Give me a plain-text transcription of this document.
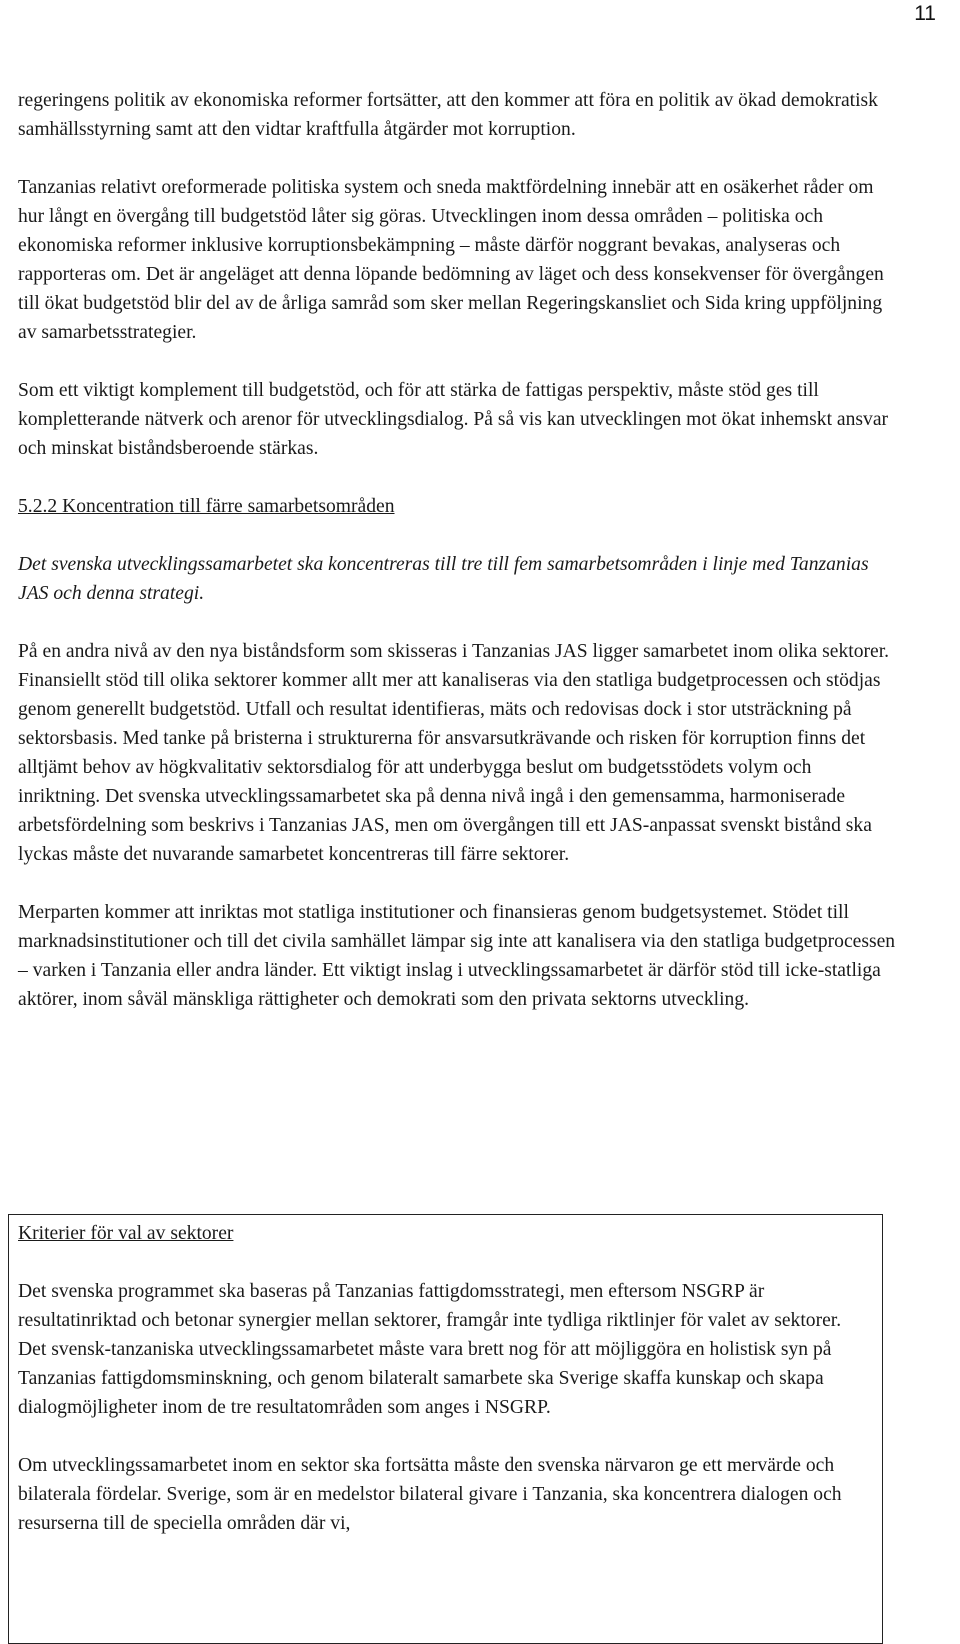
11

regeringens politik av ekonomiska reformer fortsätter, att den kommer att föra en politik av ökad demokratisk samhällsstyrning samt att den vidtar kraftfulla åtgärder mot korruption.

Tanzanias relativt oreformerade politiska system och sneda maktfördelning innebär att en osäkerhet råder om hur långt en övergång till budgetstöd låter sig göras. Utvecklingen inom dessa områden – politiska och ekonomiska reformer inklusive korruptionsbekämpning – måste därför noggrant bevakas, analyseras och rapporteras om. Det är angeläget att denna löpande bedömning av läget och dess konsekvenser för övergången till ökat budgetstöd blir del av de årliga samråd som sker mellan Regeringskansliet och Sida kring uppföljning av samarbetsstrategier.

Som ett viktigt komplement till budgetstöd, och för att stärka de fattigas perspektiv, måste stöd ges till kompletterande nätverk och arenor för utvecklingsdialog. På så vis kan utvecklingen mot ökat inhemskt ansvar och minskat biståndsberoende stärkas.

5.2.2 Koncentration till färre samarbetsområden

Det svenska utvecklingssamarbetet ska koncentreras till tre till fem samarbetsområden i linje med Tanzanias JAS och denna strategi.

På en andra nivå av den nya biståndsform som skisseras i Tanzanias JAS ligger samarbetet inom olika sektorer. Finansiellt stöd till olika sektorer kommer allt mer att kanaliseras via den statliga budgetprocessen och stödjas genom generellt budgetstöd. Utfall och resultat identifieras, mäts och redovisas dock i stor utsträckning på sektorsbasis. Med tanke på bristerna i strukturerna för ansvarsutkrävande och risken för korruption finns det alltjämt behov av högkvalitativ sektorsdialog för att underbygga beslut om budgetsstödets volym och inriktning. Det svenska utvecklingssamarbetet ska på denna nivå ingå i den gemensamma, harmoniserade arbetsfördelning som beskrivs i Tanzanias JAS, men om övergången till ett JAS-anpassat svenskt bistånd ska lyckas måste det nuvarande samarbetet koncentreras till färre sektorer.

Merparten kommer att inriktas mot statliga institutioner och finansieras genom budgetsystemet. Stödet till marknadsinstitutioner och till det civila samhället lämpar sig inte att kanalisera via den statliga budgetprocessen – varken i Tanzania eller andra länder. Ett viktigt inslag i utvecklingssamarbetet är därför stöd till icke-statliga aktörer, inom såväl mänskliga rättigheter och demokrati som den privata sektorns utveckling.

Kriterier för val av sektorer

Det svenska programmet ska baseras på Tanzanias fattigdomsstrategi, men eftersom NSGRP är resultatinriktad och betonar synergier mellan sektorer, framgår inte tydliga riktlinjer för valet av sektorer. Det svensk-tanzaniska utvecklingssamarbetet måste vara brett nog för att möjliggöra en holistisk syn på Tanzanias fattigdomsminskning, och genom bilateralt samarbete ska Sverige skaffa kunskap och skapa dialogmöjligheter inom de tre resultatområden som anges i NSGRP.

Om utvecklingssamarbetet inom en sektor ska fortsätta måste den svenska närvaron ge ett mervärde och bilaterala fördelar. Sverige, som är en medelstor bilateral givare i Tanzania, ska koncentrera dialogen och resurserna till de speciella områden där vi,
